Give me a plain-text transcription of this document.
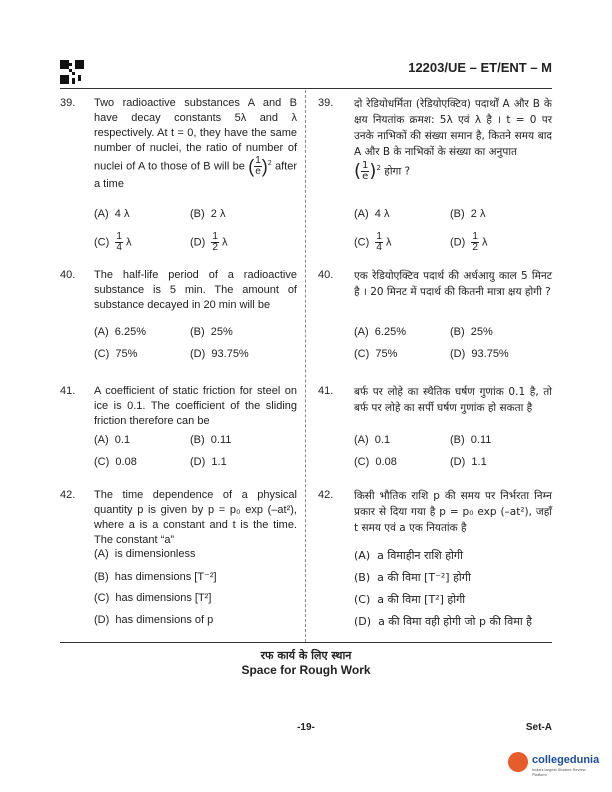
12203/UE – ET/ENT – M
39. Two radioactive substances A and B have decay constants 5λ and λ respectively. At t = 0, they have the same number of nuclei, the ratio of number of nuclei of A to those of B will be ( $\frac{1}{e} )^2$ after a time
(A) 4 λ	(B) 2 λ
$(C) \frac{1}{4}$ λ	$(D) \frac{1}{2}$ λ
39. दो रेडियोधर्मिता (रेडियोएक्टिव) पदार्थों A और B के क्षय नियतांक क्रमश: 5λ एवं λ है । t = 0 पर उनके नाभिकों की संख्या समान है, कितने समय बाद A और B के नाभिकों के संख्या का अनुपात
( $\frac{1}{e} )^2$ होगा ?
(A) 4 λ	(B) 2 λ
$(C) \frac{1}{4}$ λ	$(D) \frac{1}{2}$ λ
40. The half-life period of a radioactive substance is 5 min. The amount of substance decayed in 20 min will be
(A) 6.25%	(B) 25%
(C) 75%	(D) 93.75%
40. एक रेडियोएक्टिव पदार्थ की अर्धआयु काल 5 मिनट है । 20 मिनट में पदार्थ की कितनी मात्रा क्षय होगी ?
(A) 6.25%	(B) 25%
(C) 75%	(D) 93.75%
41. A coefficient of static friction for steel on ice is 0.1. The coefficient of the sliding friction therefore can be
(A) 0.1	(B) 0.11
(C) 0.08	(D) 1.1
41. बर्फ पर लोहे का स्थैतिक घर्षण गुणांक 0.1 है, तो बर्फ पर लोहे का सर्पी घर्षण गुणांक हो सकता है
(A) 0.1	(B) 0.11
(C) 0.08	(D) 1.1
42. The time dependence of a physical quantity p is given by p = p₀ exp (–at²), where a is a constant and t is the time. The constant “a”
(A) is dimensionless
(B) has dimensions [T⁻²]
(C) has dimensions [T²]
(D) has dimensions of p
42. किसी भौतिक राशि p की समय पर निर्भरता निम्न प्रकार से दिया गया है p = p₀ exp (–at²), जहाँ t समय एवं a एक नियतांक है
(A) a विमाहीन राशि होगी
(B) a की विमा [T⁻²] होगी
(C) a की विमा [T²] होगी
(D) a की विमा वही होगी जो p की विमा है
रफ कार्य के लिए स्थान
Space for Rough Work
-19-	Set-A
collegedunia
India's largest Student Review Platform
